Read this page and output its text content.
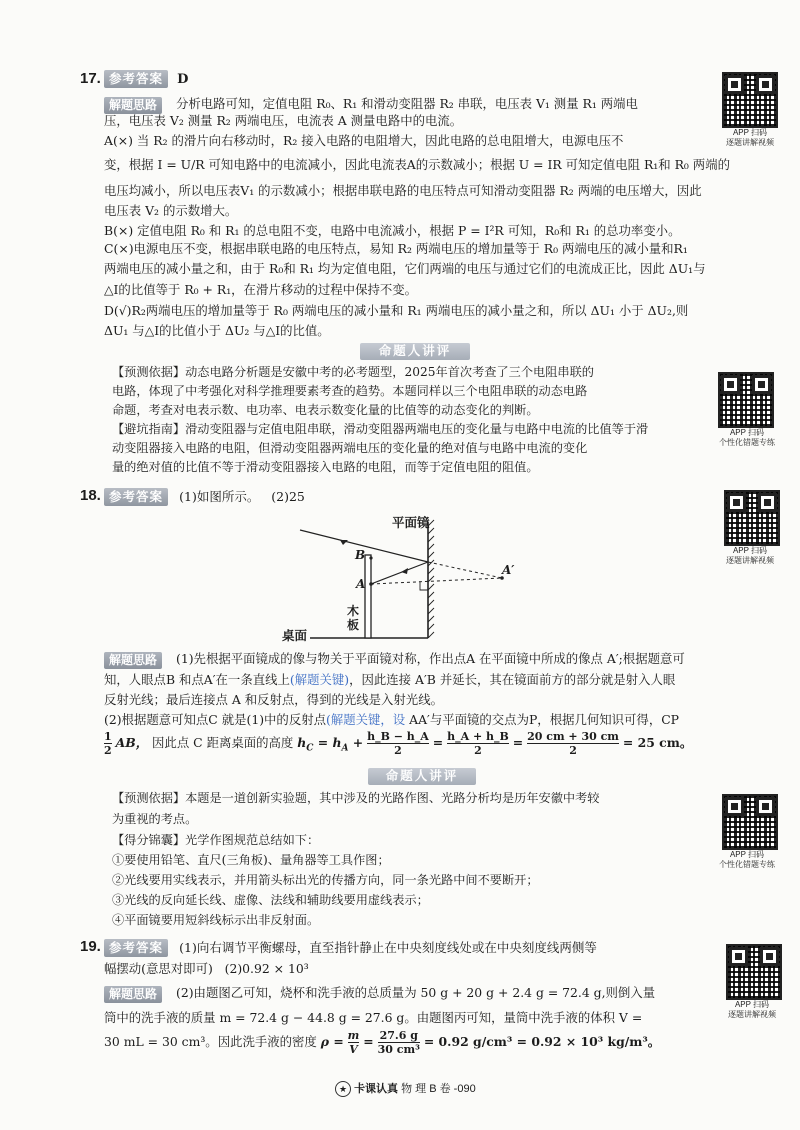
17. 参考答案 D
解题思路	分析电路可知，定值电阻 R₀、R₁ 和滑动变阻器 R₂ 串联，电压表 V₁ 测量 R₁ 两端电
压，电压表 V₂ 测量 R₂ 两端电压，电流表 A 测量电路中的电流。
A(×) 当 R₂ 的滑片向右移动时，R₂ 接入电路的电阻增大，因此电路的总电阻增大，电源电压不
变，根据 I = U/R 可知电路中的电流减小，因此电流表A的示数减小；根据 U = IR 可知定值电阻 R₁和 R₀ 两端的
电压均减小，所以电压表V₁ 的示数减小；根据串联电路的电压特点可知滑动变阻器 R₂ 两端的电压增大，因此
电压表 V₂ 的示数增大。
B(×) 定值电阻 R₀ 和 R₁ 的总电阻不变，电路中电流减小，根据 P = I²R 可知，R₀和 R₁ 的总功率变小。
C(×)电源电压不变，根据串联电路的电压特点，易知 R₂ 两端电压的增加量等于 R₀ 两端电压的减小量和R₁
两端电压的减小量之和，由于 R₀和 R₁ 均为定值电阻，它们两端的电压与通过它们的电流成正比，因此 ΔU₁与
△I的比值等于 R₀ + R₁，在滑片移动的过程中保持不变。
D(√)R₂两端电压的增加量等于 R₀ 两端电压的减小量和 R₁ 两端电压的减小量之和，所以 ΔU₁ 小于 ΔU₂,则
ΔU₁ 与△I的比值小于 ΔU₂ 与△I的比值。
APP 扫码
逐题讲解视频
命题人讲评
【预测依据】动态电路分析题是安徽中考的必考题型，2025年首次考查了三个电阻串联的
电路，体现了中考强化对科学推理要素考查的趋势。本题同样以三个电阻串联的动态电路
命题，考查对电表示数、电功率、电表示数变化量的比值等的动态变化的判断。
【避坑指南】滑动变阻器与定值电阻串联，滑动变阻器两端电压的变化量与电路中电流的比值等于滑
动变阻器接入电路的电阻，但滑动变阻器两端电压的变化量的绝对值与电路中电流的变化
量的绝对值的比值不等于滑动变阻器接入电路的电阻，而等于定值电阻的阻值。
APP 扫码
个性化错题专练
18. 参考答案 (1)如图所示。   (2)25
平面镜
B
A
A′
木
板
桌面
APP 扫码
逐题讲解视频
解题思路	(1)先根据平面镜成的像与物关于平面镜对称，作出点A 在平面镜中所成的像点 A′;根据题意可
知，人眼点B 和点A′在一条直线上(解题关键)，因此连接 A′B 并延长，其在镜面前方的部分就是射入人眼
反射光线；最后连接点 A 和反射点，得到的光线是入射光线。
(2)根据题意可知点C 就是(1)中的反射点(解题关键，设 AA′与平面镜的交点为P，根据几何知识可得，CP
$\frac{1}{2}$ AB， 因此点 C 距离桌面的高度 $h_C = h_A + \frac{h\_B - h\_A}{2} = \frac{h\_A + h\_B}{2} = \frac{20 cm + 30 cm}{2} = 25$ cm。
命题人讲评
【预测依据】本题是一道创新实验题，其中涉及的光路作图、光路分析均是历年安徽中考较
为重视的考点。
【得分锦囊】光学作图规范总结如下：
①要使用铅笔、直尺(三角板)、量角器等工具作图；
②光线要用实线表示，并用箭头标出光的传播方向，同一条光路中间不要断开；
③光线的反向延长线、虚像、法线和辅助线要用虚线表示；
④平面镜要用短斜线标示出非反射面。
APP 扫码
个性化错题专练
19. 参考答案 (1)向右调节平衡螺母，直至指针静止在中央刻度线处或在中央刻度线两侧等
幅摆动(意思对即可)   (2)0.92 × 10³
解题思路	(2)由题图乙可知，烧杯和洗手液的总质量为 50 g + 20 g + 2.4 g = 72.4 g,则倒入量
筒中的洗手液的质量 m = 72.4 g − 44.8 g = 27.6 g。由题图丙可知，量筒中洗手液的体积 V =
30 mL = 30 cm³。因此洗手液的密度 $\rho = \frac{m}{V} = \frac{27.6 g}{\text{30 cm³}} = 0.92$ g/cm³ = 0.92 × 10³ kg/m³。
APP 扫码
逐题讲解视频
★ 卡课认真 物 理 B 卷 -090
